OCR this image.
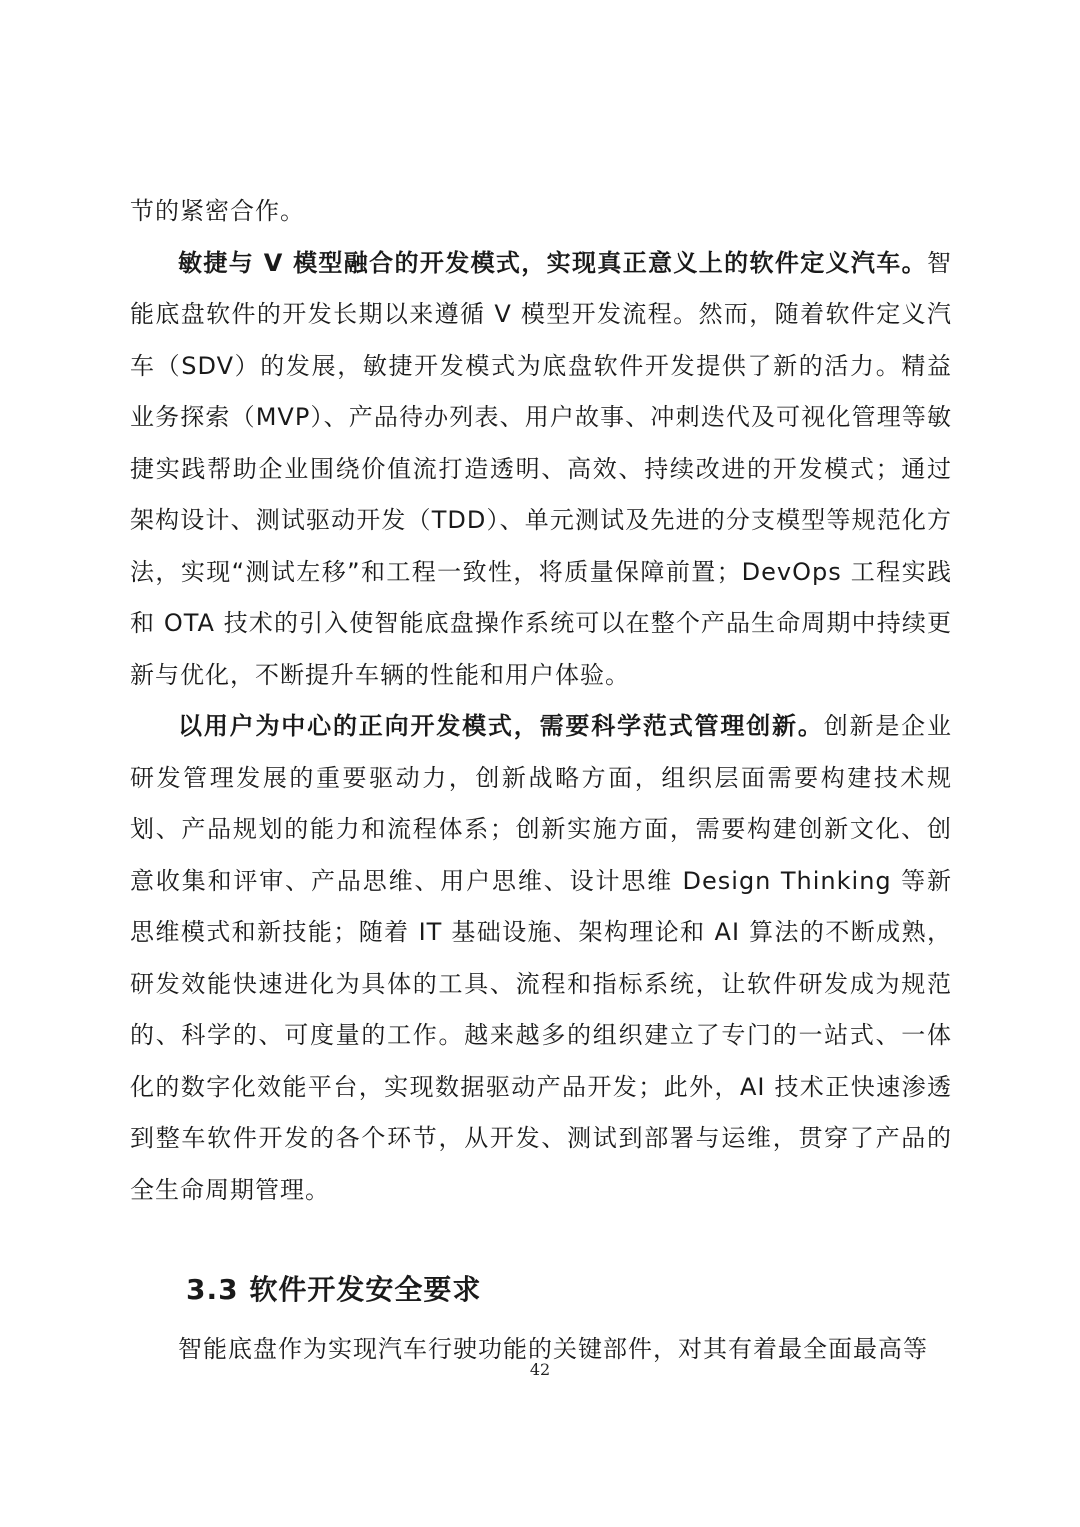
节的紧密合作。

敏捷与 V 模型融合的开发模式，实现真正意义上的软件定义汽车。智能底盘软件的开发长期以来遵循 V 模型开发流程。然而，随着软件定义汽车（SDV）的发展，敏捷开发模式为底盘软件开发提供了新的活力。精益业务探索（MVP）、产品待办列表、用户故事、冲刺迭代及可视化管理等敏捷实践帮助企业围绕价值流打造透明、高效、持续改进的开发模式；通过架构设计、测试驱动开发（TDD）、单元测试及先进的分支模型等规范化方法，实现“测试左移”和工程一致性，将质量保障前置；DevOps 工程实践和 OTA 技术的引入使智能底盘操作系统可以在整个产品生命周期中持续更新与优化，不断提升车辆的性能和用户体验。

以用户为中心的正向开发模式，需要科学范式管理创新。创新是企业研发管理发展的重要驱动力，创新战略方面，组织层面需要构建技术规划、产品规划的能力和流程体系；创新实施方面，需要构建创新文化、创意收集和评审、产品思维、用户思维、设计思维 Design Thinking 等新思维模式和新技能；随着 IT 基础设施、架构理论和 AI 算法的不断成熟，研发效能快速进化为具体的工具、流程和指标系统，让软件研发成为规范的、科学的、可度量的工作。越来越多的组织建立了专门的一站式、一体化的数字化效能平台，实现数据驱动产品开发；此外，AI 技术正快速渗透到整车软件开发的各个环节，从开发、测试到部署与运维，贯穿了产品的全生命周期管理。

3.3 软件开发安全要求

智能底盘作为实现汽车行驶功能的关键部件，对其有着最全面最高等

42
